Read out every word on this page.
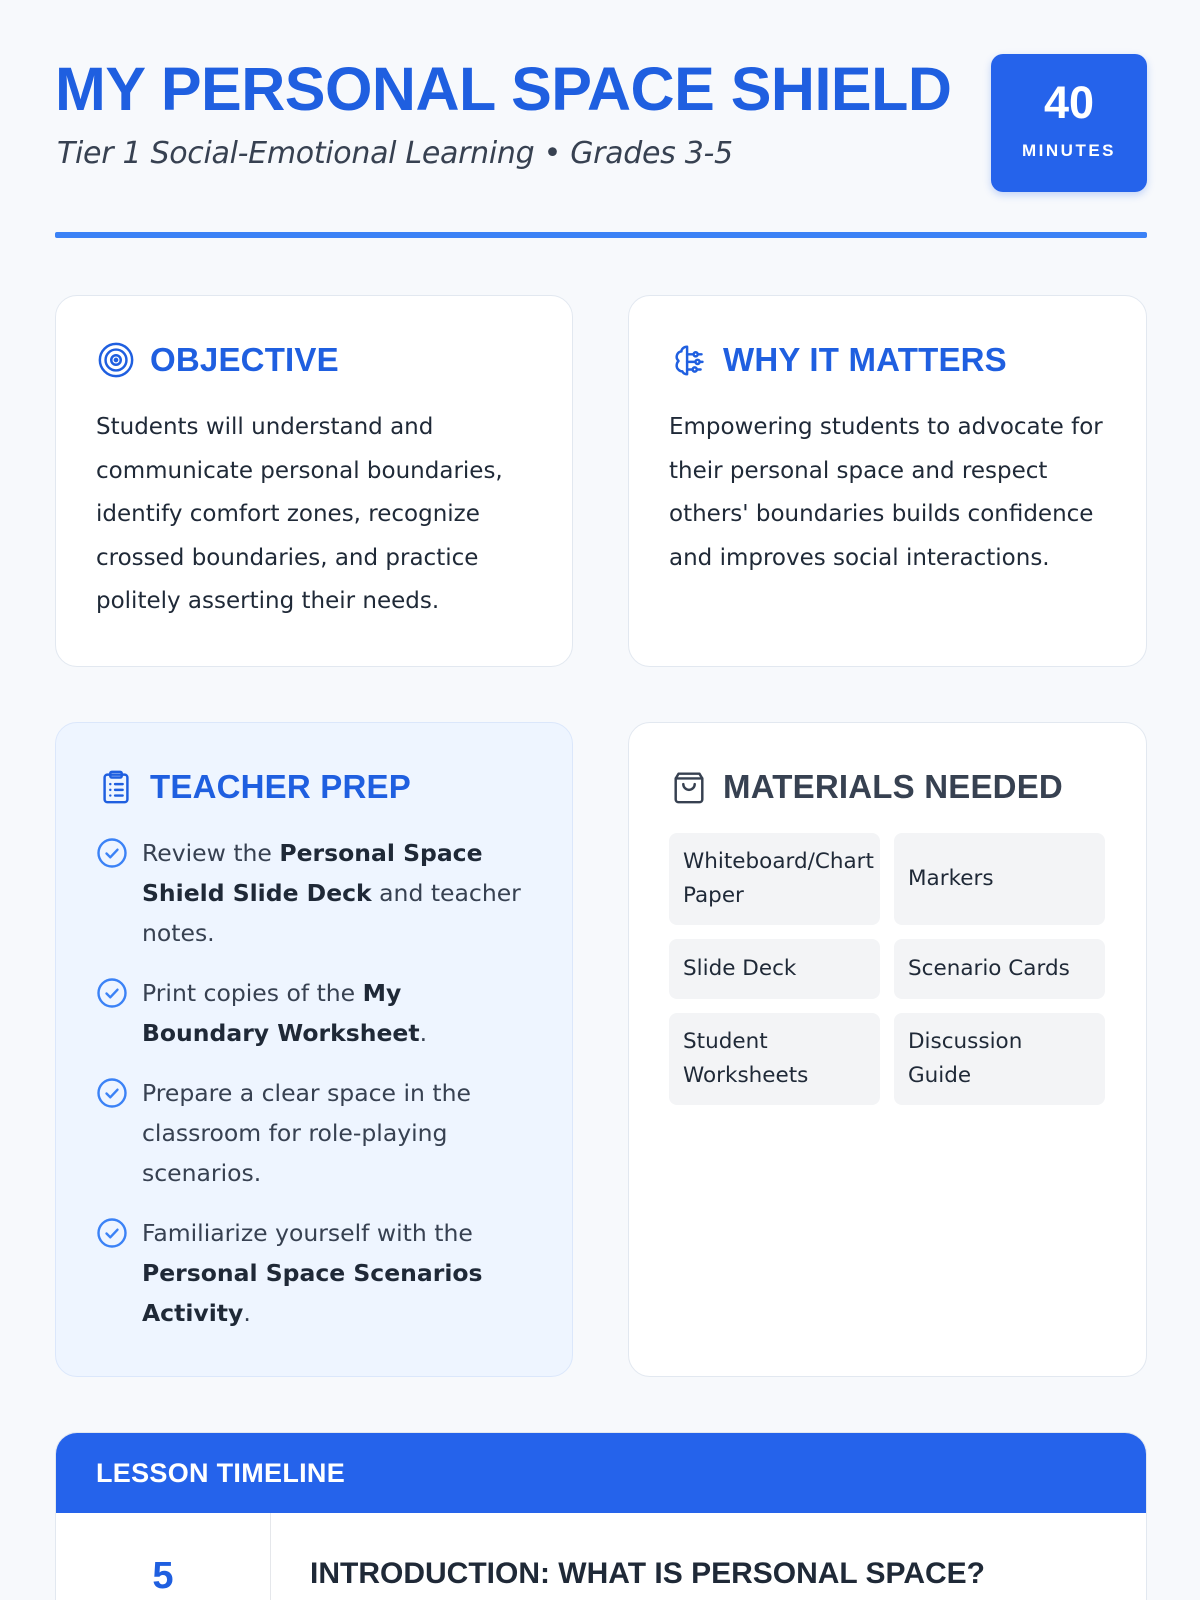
MY PERSONAL SPACE SHIELD
Tier 1 Social-Emotional Learning • Grades 3-5
40
MINUTES
OBJECTIVE
Students will understand and communicate personal boundaries, identify comfort zones, recognize crossed boundaries, and practice politely asserting their needs.
WHY IT MATTERS
Empowering students to advocate for their personal space and respect others' boundaries builds confidence and improves social interactions.
TEACHER PREP
Review the Personal Space Shield Slide Deck and teacher notes.
Print copies of the My Boundary Worksheet.
Prepare a clear space in the classroom for role-playing scenarios.
Familiarize yourself with the Personal Space Scenarios Activity.
MATERIALS NEEDED
Whiteboard/Chart Paper
Markers
Slide Deck	Scenario Cards
Student Worksheets
Discussion Guide
LESSON TIMELINE
5	INTRODUCTION: WHAT IS PERSONAL SPACE?
